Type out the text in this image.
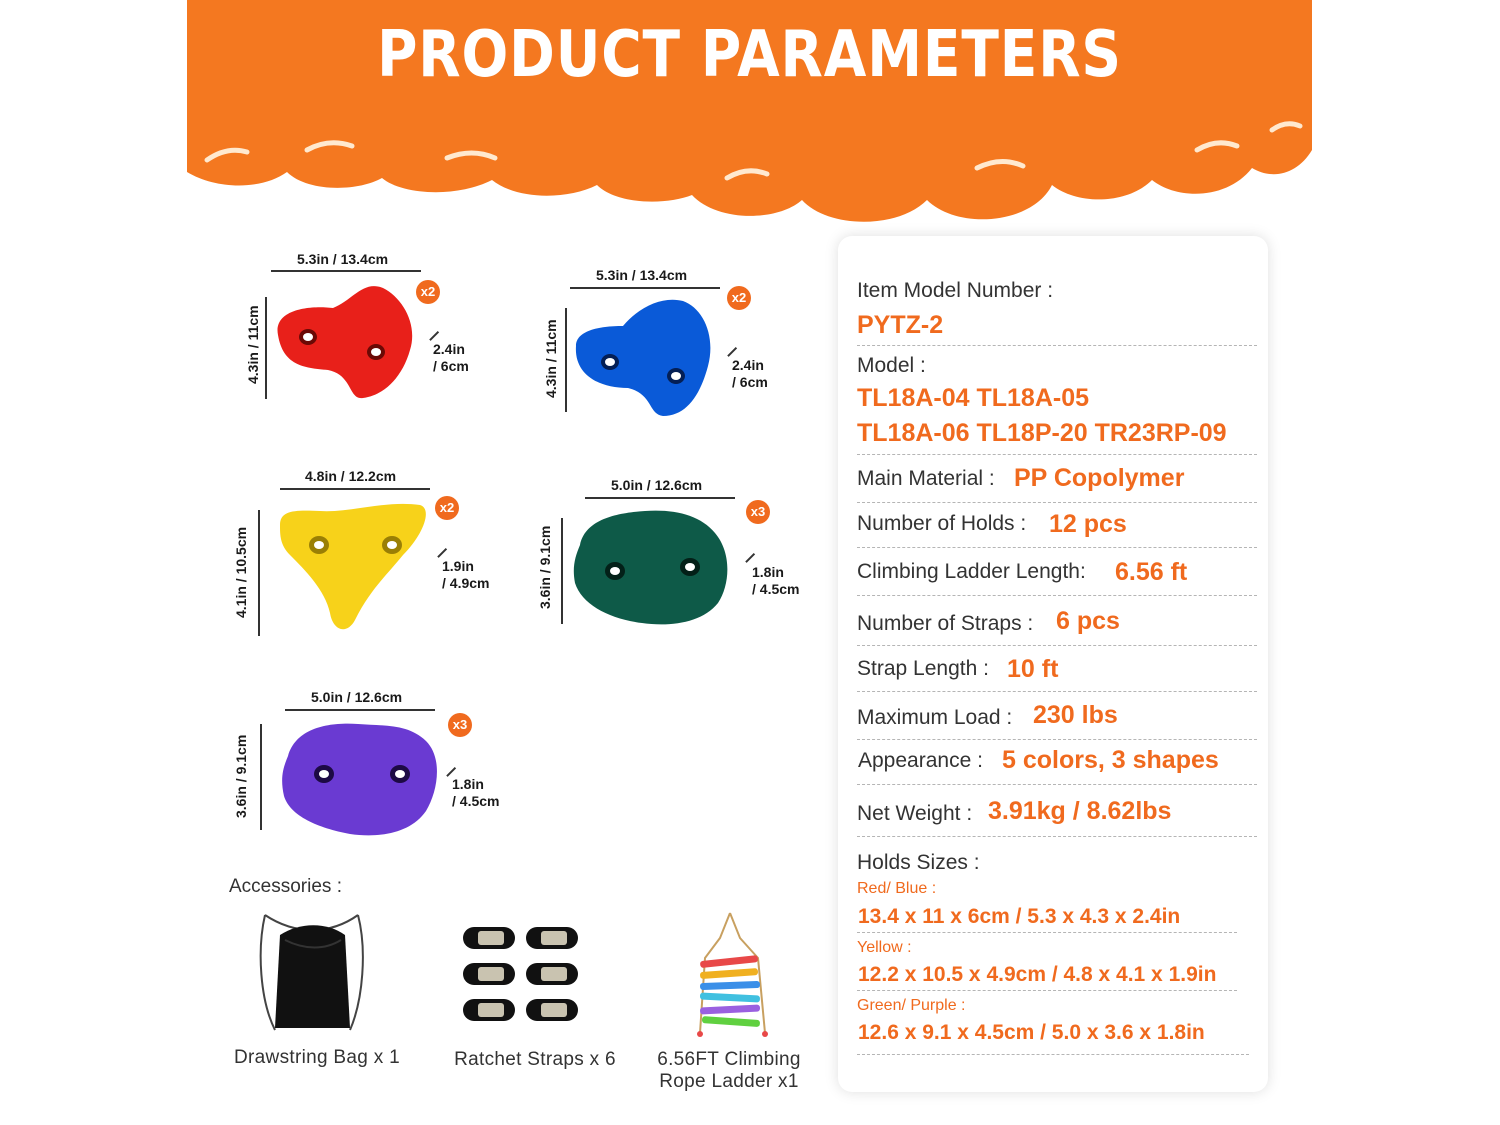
PRODUCT PARAMETERS
5.3in / 13.4cm
4.3in / 11cm
x2
2.4in
/ 6cm
5.3in / 13.4cm
4.3in / 11cm
x2
2.4in
/ 6cm
4.8in / 12.2cm
4.1in / 10.5cm
x2
1.9in
/ 4.9cm
5.0in / 12.6cm
3.6in / 9.1cm
x3
1.8in
/ 4.5cm
5.0in / 12.6cm
3.6in / 9.1cm
x3
1.8in
/ 4.5cm
Accessories :
Drawstring Bag x 1	Ratchet Straps x 6	6.56FT Climbing
Rope Ladder x1
Item Model Number :
PYTZ-2
Model :
TL18A-04 TL18A-05
TL18A-06 TL18P-20 TR23RP-09
Main Material : PP Copolymer
Number of Holds : 12 pcs
Climbing Ladder Length: 6.56 ft
Number of Straps : 6 pcs
Strap Length : 10 ft
Maximum Load : 230 lbs
Appearance : 5 colors, 3 shapes
Net Weight : 3.91kg / 8.62lbs
Holds Sizes :
Red/ Blue :
13.4 x 11 x 6cm / 5.3 x 4.3 x 2.4in
Yellow :
12.2 x 10.5 x 4.9cm / 4.8 x 4.1 x 1.9in
Green/ Purple :
12.6 x 9.1 x 4.5cm / 5.0 x 3.6 x 1.8in
